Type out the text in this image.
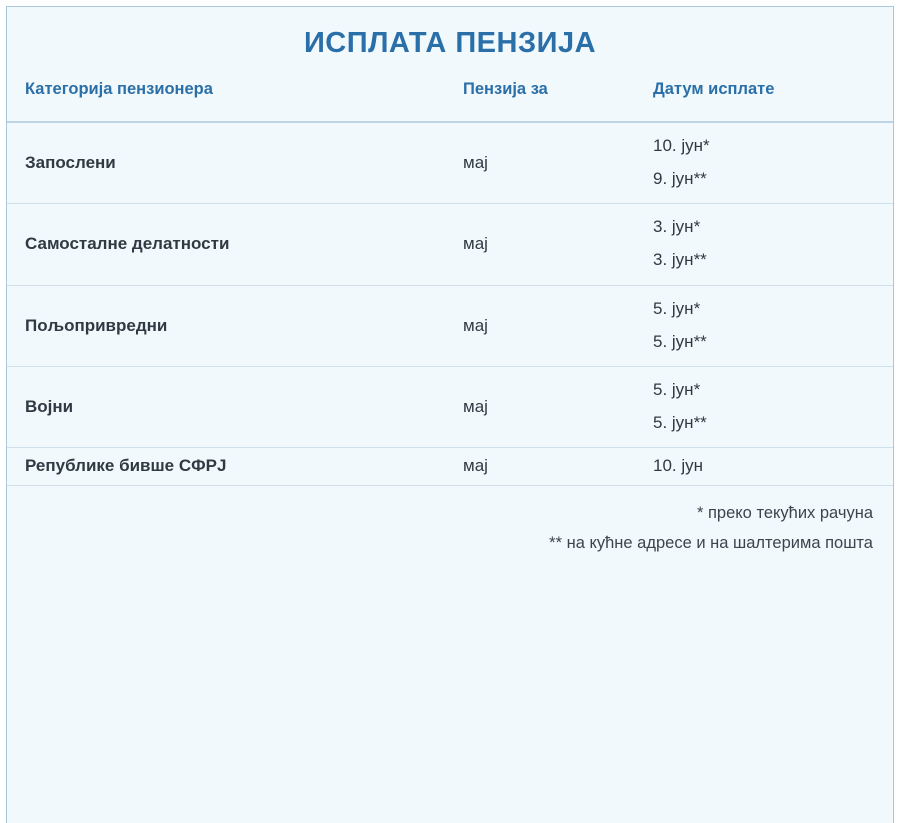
ИСПЛАТА ПЕНЗИЈА
Категорија пензионера	Пензија за	Датум исплате
Запослени	мај	10. јун*
9. јун**

Самосталне делатности	мај	3. јун*
3. јун**

Пољопривредни	мај	5. јун*
5. јун**

Војни	мај	5. јун*
5. јун**

Републике бивше СФРЈ	мај	10. јун
* преко текућих рачуна
** на кућне адресе и на шалтерима пошта
